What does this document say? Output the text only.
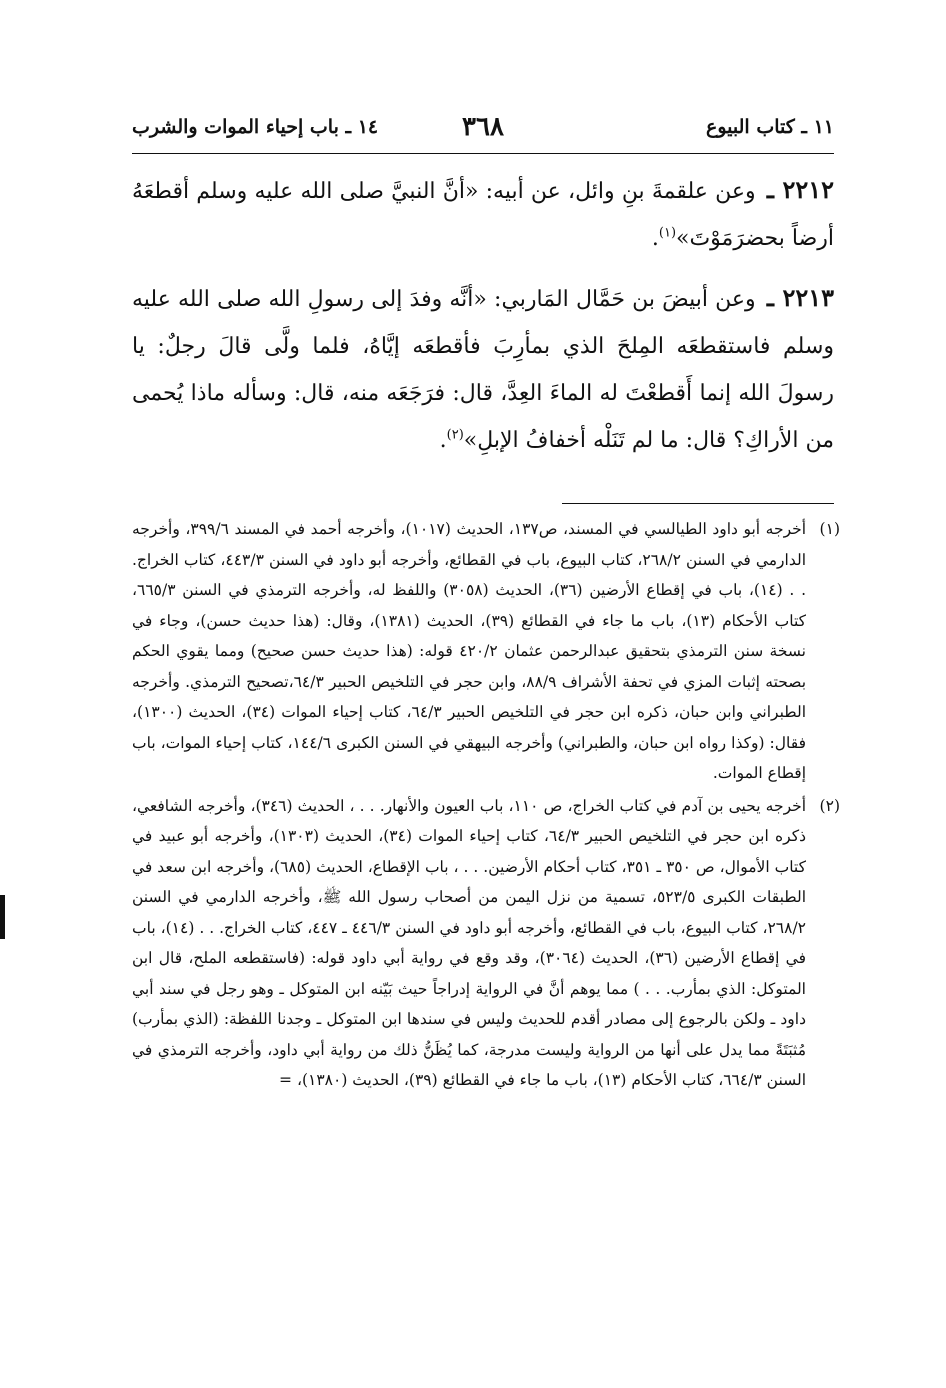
١٤ ـ باب إحياء الموات والشرب	٣٦٨	١١ ـ كتاب البيوع

٢٢١٢ ـ وعن علقمةَ بنِ وائل، عن أبيه: «أنَّ النبيَّ صلى الله عليه وسلم أقطعَهُ أرضاً بحضرَمَوْتَ»$^{(١)}$.

٢٢١٣ ـ وعن أبيضَ بن حَمَّال المَاربي: «أنَّه وفدَ إلى رسولِ الله صلى الله عليه وسلم فاستقطعَه المِلحَ الذي بمأرِبَ فأقطعَه إيَّاهُ، فلما ولَّى قالَ رجلٌ: يا رسولَ الله إنما أَقطعْتَ له الماءَ العِدَّ، قال: فرَجَعَه منه، قال: وسأله ماذا يُحمى من الأراكِ؟ قال: ما لم تَنَلْه أخفافُ الإبلِ»$^{(٢)}$.

(١)
أخرجه أبو داود الطيالسي في المسند، ص١٣٧، الحديث (١٠١٧)، وأخرجه أحمد في المسند ٣٩٩/٦، وأخرجه الدارمي في السنن ٢٦٨/٢، كتاب البيوع، باب في القطائع، وأخرجه أبو داود في السنن ٤٤٣/٣، كتاب الخراج. . . (١٤)، باب في إقطاع الأرضين (٣٦)، الحديث (٣٠٥٨) واللفظ له، وأخرجه الترمذي في السنن ٦٦٥/٣، كتاب الأحكام (١٣)، باب ما جاء في القطائع (٣٩)، الحديث (١٣٨١)، وقال: (هذا حديث حسن)، وجاء في نسخة سنن الترمذي بتحقيق عبدالرحمن عثمان ٤٢٠/٢ قوله: (هذا حديث حسن صحيح) ومما يقوي الحكم بصحته إثبات المزي في تحفة الأشراف ٨٨/٩، وابن حجر في التلخيص الحبير ٦٤/٣،تصحيح الترمذي. وأخرجه الطبراني وابن حبان، ذكره ابن حجر في التلخيص الحبير ٦٤/٣، كتاب إحياء الموات (٣٤)، الحديث (١٣٠٠)، فقال: (وكذا رواه ابن حبان، والطبراني) وأخرجه البيهقي في السنن الكبرى ١٤٤/٦، كتاب إحياء الموات، باب إقطاع الموات.

(٢)
أخرجه يحيى بن آدم في كتاب الخراج، ص ١١٠، باب العيون والأنهار. . . ، الحديث (٣٤٦)، وأخرجه الشافعي، ذكره ابن حجر في التلخيص الحبير ٦٤/٣، كتاب إحياء الموات (٣٤)، الحديث (١٣٠٣)، وأخرجه أبو عبيد في كتاب الأموال، ص ٣٥٠ ـ ٣٥١، كتاب أحكام الأرضين. . . ، باب الإقطاع، الحديث (٦٨٥)، وأخرجه ابن سعد في الطبقات الكبرى ٥٢٣/٥، تسمية من نزل اليمن من أصحاب رسول الله ﷺ، وأخرجه الدارمي في السنن ٢٦٨/٢، كتاب البيوع، باب في القطائع، وأخرجه أبو داود في السنن ٤٤٦/٣ ـ ٤٤٧، كتاب الخراج. . . (١٤)، باب في إقطاع الأرضين (٣٦)، الحديث (٣٠٦٤)، وقد وقع في رواية أبي داود قوله: (فاستقطعه الملح، قال ابن المتوكل: الذي بمأرب. . . ) مما يوهم أنَّ في الرواية إدراجاً حيث بَيّنه ابن المتوكل ـ وهو رجل في سند أبي داود ـ ولكن بالرجوع إلى مصادر أقدم للحديث وليس في سندها ابن المتوكل ـ وجدنا اللفظة: (الذي بمأرب) مُثبَتَةً مما يدل على أنها من الرواية وليست مدرجة، كما يُظَنُّ ذلك من رواية أبي داود، وأخرجه الترمذي في السنن ٦٦٤/٣، كتاب الأحكام (١٣)، باب ما جاء في القطائع (٣٩)، الحديث (١٣٨٠)، =
